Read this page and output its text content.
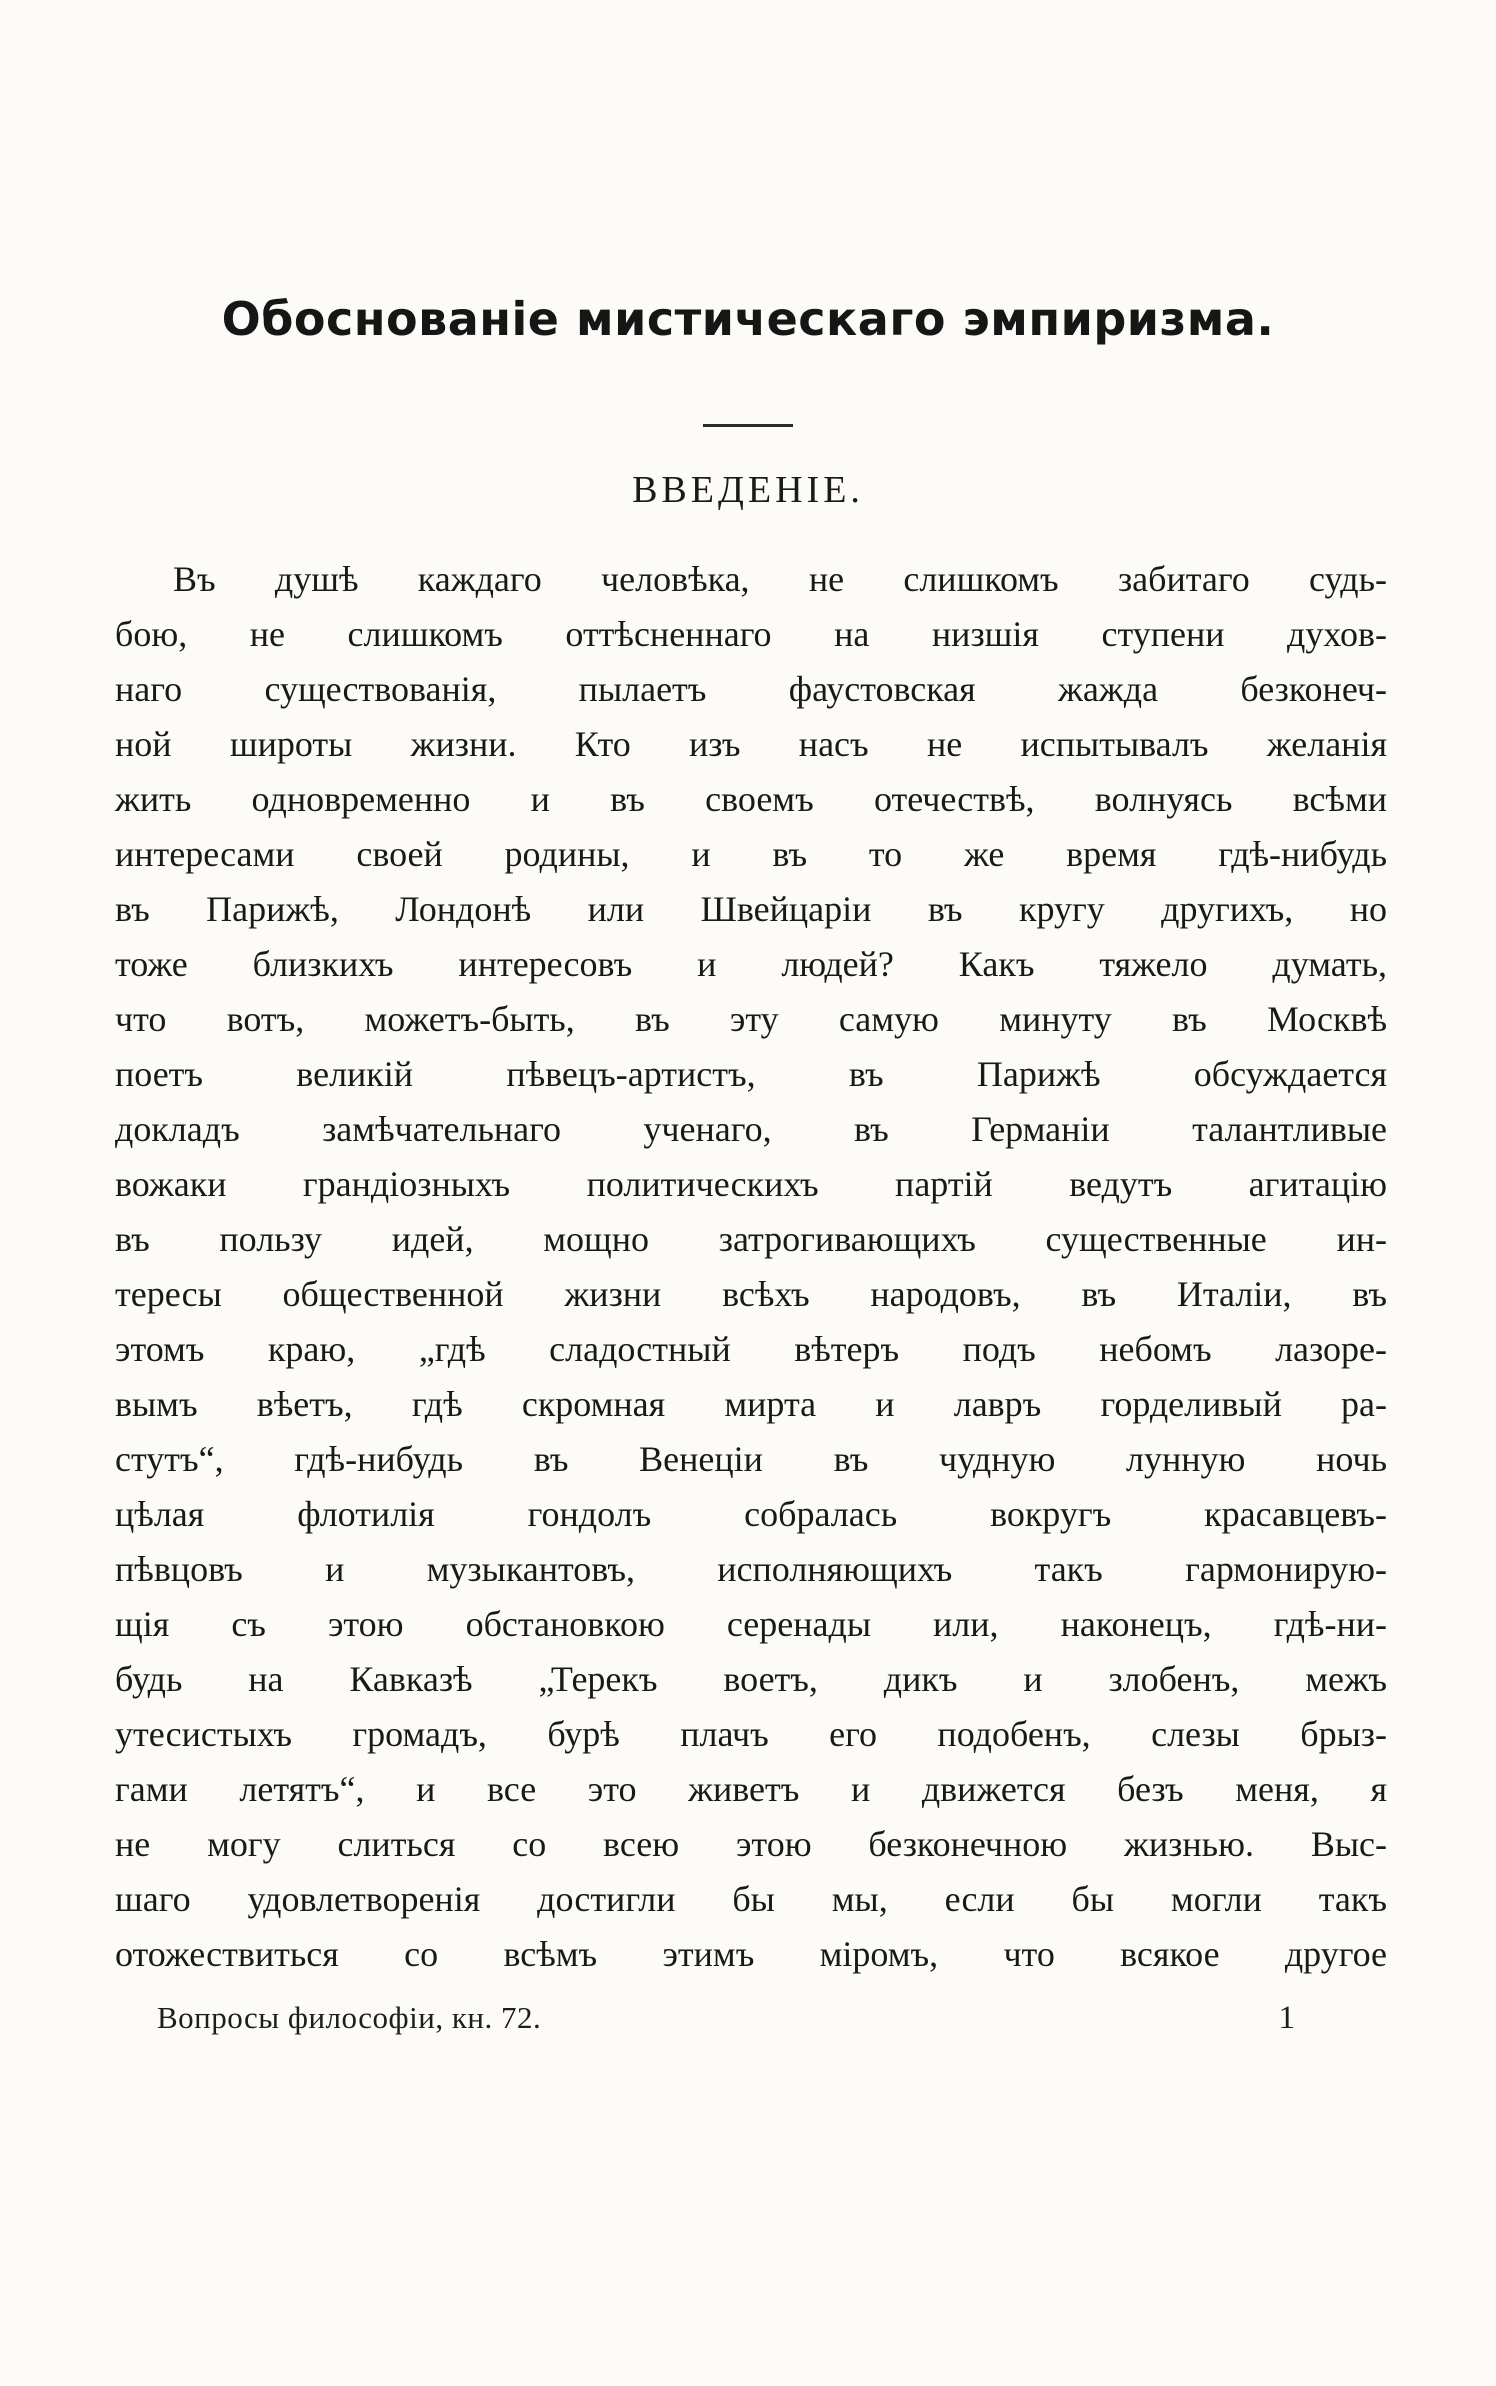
Обоснованіе мистическаго эмпиризма.
ВВЕДЕНІЕ.
Въ душѣ каждаго человѣка, не слишкомъ забитаго судь-
бою, не слишкомъ оттѣсненнаго на низшія ступени духов-
наго существованія, пылаетъ фаустовская жажда безконеч-
ной широты жизни. Кто изъ насъ не испытывалъ желанія
жить одновременно и въ своемъ отечествѣ, волнуясь всѣми
интересами своей родины, и въ то же время гдѣ-нибудь
въ Парижѣ, Лондонѣ или Швейцаріи въ кругу другихъ, но
тоже близкихъ интересовъ и людей? Какъ тяжело думать,
что вотъ, можетъ-быть, въ эту самую минуту въ Москвѣ
поетъ великій пѣвецъ-артистъ, въ Парижѣ обсуждается
докладъ замѣчательнаго ученаго, въ Германіи талантливые
вожаки грандіозныхъ политическихъ партій ведутъ агитацію
въ пользу идей, мощно затрогивающихъ существенные ин-
тересы общественной жизни всѣхъ народовъ, въ Италіи, въ
этомъ краю, „гдѣ сладостный вѣтеръ подъ небомъ лазоре-
вымъ вѣетъ, гдѣ скромная мирта и лавръ горделивый ра-
стутъ“, гдѣ-нибудь въ Венеціи въ чудную лунную ночь
цѣлая флотилія гондолъ собралась вокругъ красавцевъ-
пѣвцовъ и музыкантовъ, исполняющихъ такъ гармонирую-
щія съ этою обстановкою серенады или, наконецъ, гдѣ-ни-
будь на Кавказѣ „Терекъ воетъ, дикъ и злобенъ, межъ
утесистыхъ громадъ, бурѣ плачъ его подобенъ, слезы брыз-
гами летятъ“, и все это живетъ и движется безъ меня, я
не могу слиться со всею этою безконечною жизнью. Выс-
шаго удовлетворенія достигли бы мы, если бы могли такъ
отожествиться со всѣмъ этимъ міромъ, что всякое другое
Вопросы философіи, кн. 72.	1
